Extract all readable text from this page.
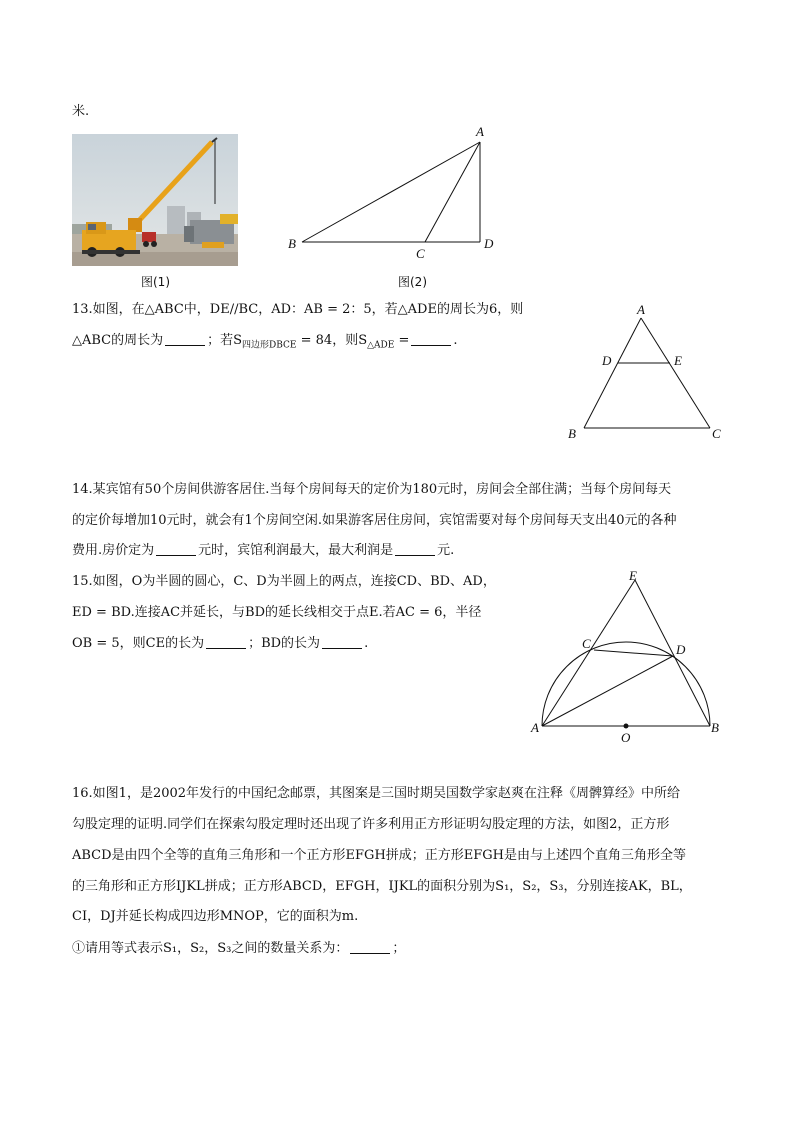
米.
图(1)
A
B
C
D
图(2)
13.如图，在△ABC中，DE//BC，AD：AB = 2：5，若△ADE的周长为6，则
△ABC的周长为	；若$S_{四边形DBCE} = 84$，则$S_{\triangle ADE}$ =	.
A
D	E
B	C
14.某宾馆有50个房间供游客居住.当每个房间每天的定价为180元时，房间会全部住满；当每个房间每天
的定价每增加10元时，就会有1个房间空闲.如果游客居住房间，宾馆需要对每个房间每天支出40元的各种
费用.房价定为	元时，宾馆利润最大，最大利润是	元.
15.如图，O为半圆的圆心，C、D为半圆上的两点，连接CD、BD、AD，
ED = BD.连接AC并延长，与BD的延长线相交于点E.若AC = 6，半径
OB = 5，则CE的长为	；BD的长为	.
E
C	D
A
O
B
16.如图1，是2002年发行的中国纪念邮票，其图案是三国时期吴国数学家赵爽在注释《周髀算经》中所给
勾股定理的证明.同学们在探索勾股定理时还出现了许多利用正方形证明勾股定理的方法，如图2，正方形
ABCD是由四个全等的直角三角形和一个正方形EFGH拼成；正方形EFGH是由与上述四个直角三角形全等
的三角形和正方形IJKL拼成；正方形ABCD，EFGH，IJKL的面积分别为S₁，S₂，S₃，分别连接AK，BL，
CI，DJ并延长构成四边形MNOP，它的面积为m.
①请用等式表示S₁，S₂，S₃之间的数量关系为：	；
